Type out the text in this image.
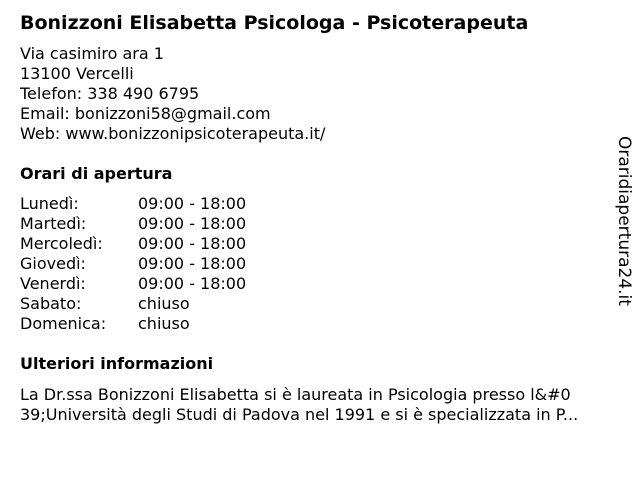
Bonizzoni Elisabetta Psicologa - Psicoterapeuta
Via casimiro ara 1
13100 Vercelli
Telefon: 338 490 6795
Email: bonizzoni58@gmail.com
Web: www.bonizzonipsicoterapeuta.it/
Orari di apertura
Lunedì:	09:00 - 18:00
Martedì:	09:00 - 18:00
Mercoledì:	09:00 - 18:00
Giovedì:	09:00 - 18:00
Venerdì:	09:00 - 18:00
Sabato:	chiuso
Domenica:	chiuso
Ulteriori informazioni
La Dr.ssa Bonizzoni Elisabetta si è laureata in Psicologia presso l&#0
39;Università degli Studi di Padova nel 1991 e si è specializzata in P...
Oraridiapertura24.it
